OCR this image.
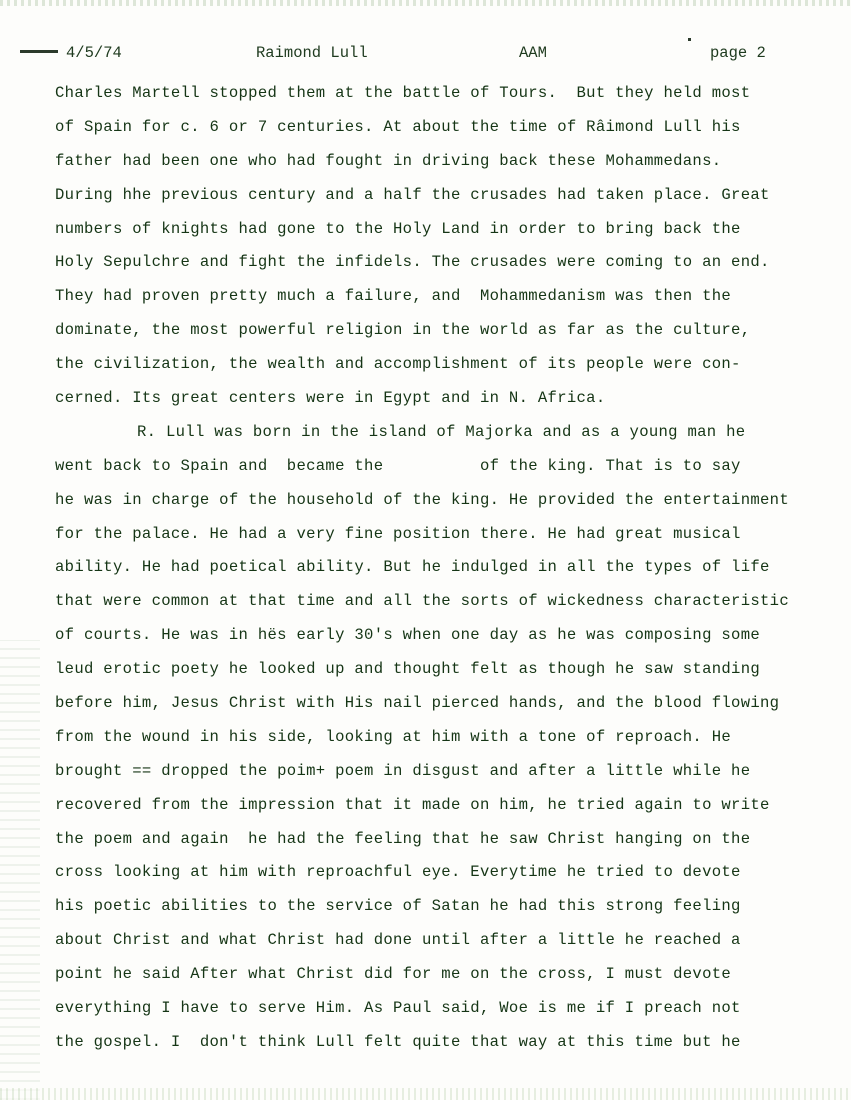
4/5/74	Raimond Lull	AAM	page 2
Charles Martell stopped them at the battle of Tours.  But they held most
of Spain for c. 6 or 7 centuries. At about the time of Râimond Lull his
father had been one who had fought in driving back these Mohammedans.
During hhe previous century and a half the crusades had taken place. Great
numbers of knights had gone to the Holy Land in order to bring back the
Holy Sepulchre and fight the infidels. The crusades were coming to an end.
They had proven pretty much a failure, and  Mohammedanism was then the
dominate, the most powerful religion in the world as far as the culture,
the civilization, the wealth and accomplishment of its people were con-
cerned. Its great centers were in Egypt and in N. Africa.
R. Lull was born in the island of Majorka and as a young man he
went back to Spain and  became the          of the king. That is to say
he was in charge of the household of the king. He provided the entertainment
for the palace. He had a very fine position there. He had great musical
ability. He had poetical ability. But he indulged in all the types of life
that were common at that time and all the sorts of wickedness characteristic
of courts. He was in hës early 30's when one day as he was composing some
leud erotic poety he looked up and thought felt as though he saw standing
before him, Jesus Christ with His nail pierced hands, and the blood flowing
from the wound in his side, looking at him with a tone of reproach. He
brought == dropped the poim+ poem in disgust and after a little while he
recovered from the impression that it made on him, he tried again to write
the poem and again  he had the feeling that he saw Christ hanging on the
cross looking at him with reproachful eye. Everytime he tried to devote
his poetic abilities to the service of Satan he had this strong feeling
about Christ and what Christ had done until after a little he reached a
point he said After what Christ did for me on the cross, I must devote
everything I have to serve Him. As Paul said, Woe is me if I preach not
the gospel. I  don't think Lull felt quite that way at this time but he
